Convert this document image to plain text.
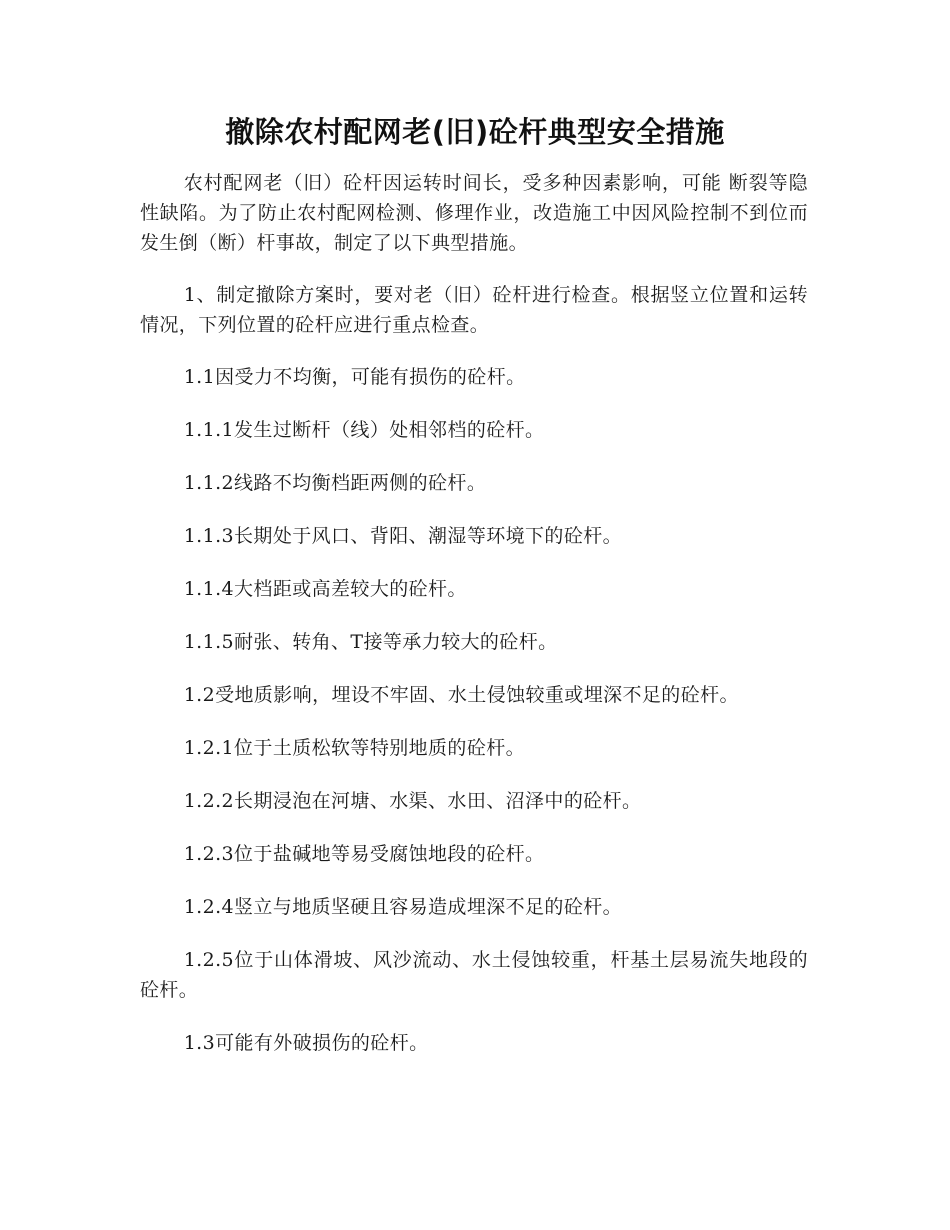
撤除农村配网老(旧)砼杆典型安全措施

农村配网老（旧）砼杆因运转时间长，受多种因素影响，可能 断裂等隐性缺陷。为了防止农村配网检测、修理作业，改造施工中因风险控制不到位而发生倒（断）杆事故，制定了以下典型措施。

1、制定撤除方案时，要对老（旧）砼杆进行检查。根据竖立位置和运转情况，下列位置的砼杆应进行重点检查。

1.1因受力不均衡，可能有损伤的砼杆。

1.1.1发生过断杆（线）处相邻档的砼杆。

1.1.2线路不均衡档距两侧的砼杆。

1.1.3长期处于风口、背阳、潮湿等环境下的砼杆。

1.1.4大档距或高差较大的砼杆。

1.1.5耐张、转角、T接等承力较大的砼杆。

1.2受地质影响，埋设不牢固、水土侵蚀较重或埋深不足的砼杆。

1.2.1位于土质松软等特别地质的砼杆。

1.2.2长期浸泡在河塘、水渠、水田、沼泽中的砼杆。

1.2.3位于盐碱地等易受腐蚀地段的砼杆。

1.2.4竖立与地质坚硬且容易造成埋深不足的砼杆。

1.2.5位于山体滑坡、风沙流动、水土侵蚀较重，杆基土层易流失地段的砼杆。

1.3可能有外破损伤的砼杆。
